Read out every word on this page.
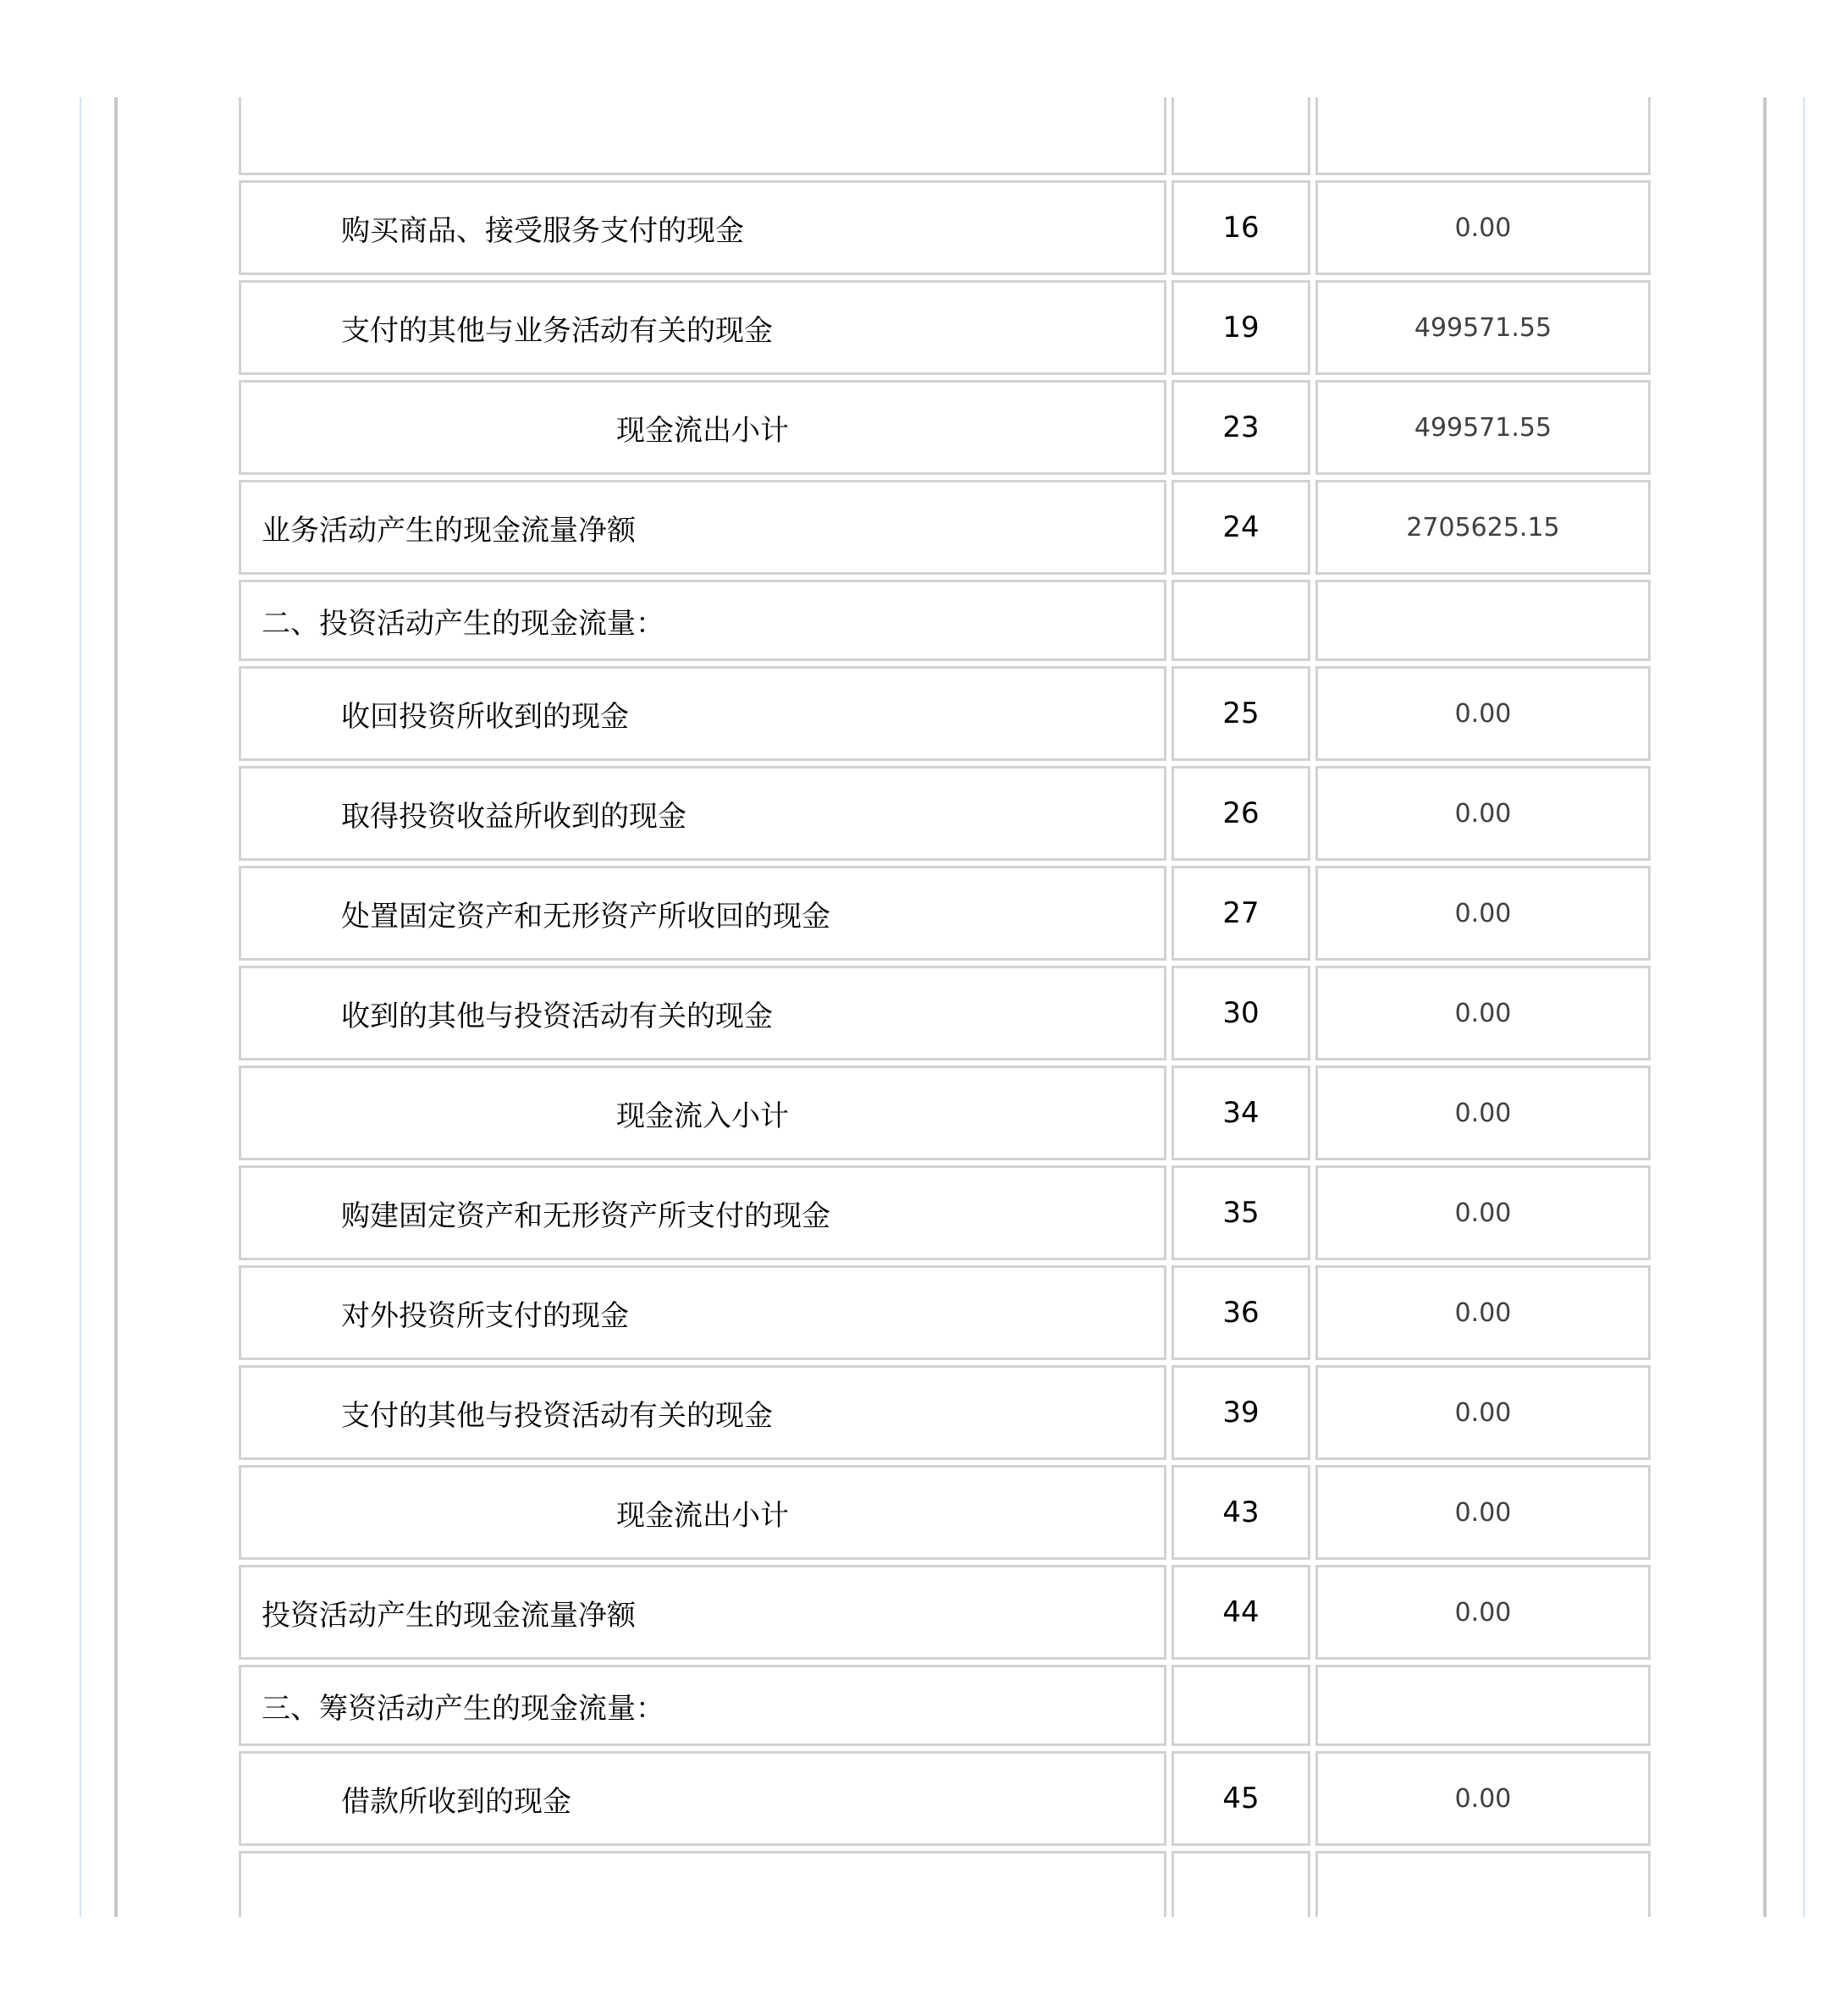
购买商品、接受服务支付的现金	16	0.00
支付的其他与业务活动有关的现金	19	499571.55
现金流出小计	23	499571.55
业务活动产生的现金流量净额	24	2705625.15
二、投资活动产生的现金流量：		
收回投资所收到的现金	25	0.00
取得投资收益所收到的现金	26	0.00
处置固定资产和无形资产所收回的现金	27	0.00
收到的其他与投资活动有关的现金	30	0.00
现金流入小计	34	0.00
购建固定资产和无形资产所支付的现金	35	0.00
对外投资所支付的现金	36	0.00
支付的其他与投资活动有关的现金	39	0.00
现金流出小计	43	0.00
投资活动产生的现金流量净额	44	0.00
三、筹资活动产生的现金流量：		
借款所收到的现金	45	0.00
